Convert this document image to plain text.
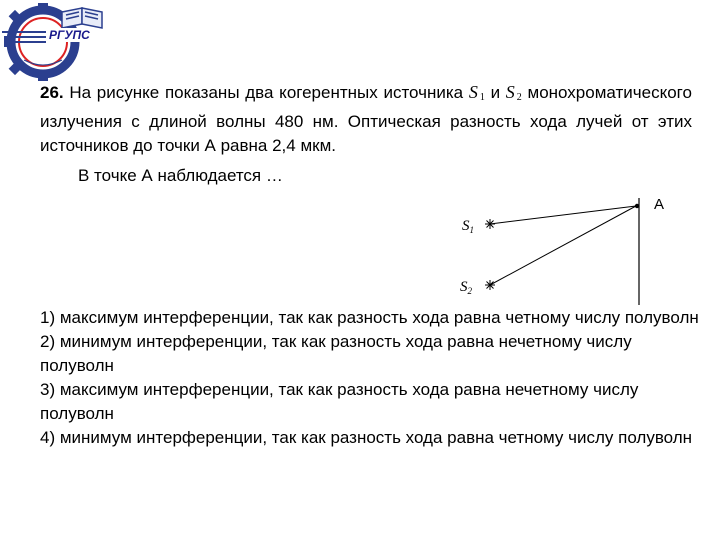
РГУПС
26. На рисунке показаны два когерентных источника S $_1$ и S $_2$ монохроматического излучения с длиной волны 480 нм. Оптическая разность хода лучей от этих источников до точки А равна 2,4 мкм.
В точке А наблюдается …
A
$S_1$
$S_2$

1) максимум интерференции, так как разность хода равна четному числу полуволн

2) минимум интерференции, так как разность хода равна нечетному числу полуволн

3) максимум интерференции, так как разность хода равна нечетному числу полуволн

4) минимум интерференции, так как разность хода равна четному числу полуволн
